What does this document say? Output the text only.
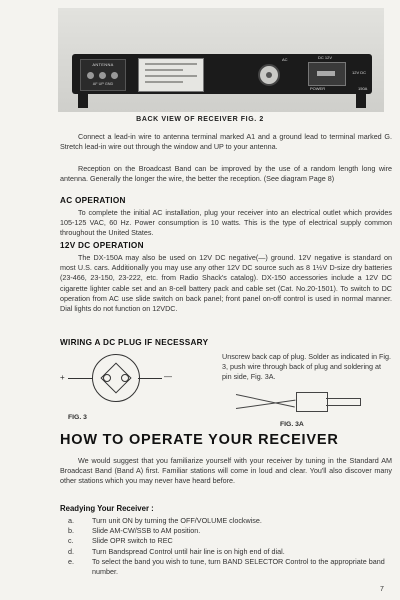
ANTENNA
AF UP GND
AC	DC 12V
POWER
12V DC
150A
BACK VIEW OF RECEIVER FIG. 2
Connect a lead-in wire to antenna terminal marked A1 and a ground lead to terminal marked G. Stretch lead-in wire out through the window and UP to your antenna.
Reception on the Broadcast Band can be improved by the use of a random length long wire antenna. Generally the longer the wire, the better the reception. (See diagram Page 8)
AC OPERATION
To complete the initial AC installation, plug your receiver into an electrical outlet which provides 105-125 VAC, 60 Hz. Power consumption is 10 watts. This is the type of electrical supply common throughout the United States.
12V DC OPERATION
The DX-150A may also be used on 12V DC negative(—) ground. 12V negative is standard on most U.S. cars. Additionally you may use any other 12V DC source such as 8 1½V D-size dry batteries (23-466, 23-150, 23-222, etc. from Radio Shack's catalog). DX-150 accessories include a 12V DC cigarette lighter cable set and an 8-cell battery pack and cable set (Cat. No.20-1501). To switch to DC operation from AC use slide switch on back panel; front panel on-off control is used in normal manner. Dial lights do not function on 12VDC.
WIRING A DC PLUG IF NECESSARY
+	—
FIG. 3
Unscrew back cap of plug. Solder as indicated in Fig. 3, push wire through back of plug and soldering at pin side, Fig. 3A.
FIG. 3A
HOW TO OPERATE YOUR RECEIVER
We would suggest that you familiarize yourself with your receiver by tuning in the Standard AM Broadcast Band (Band A) first. Familiar stations will come in loud and clear. You'll also discover many other stations which you may never have heard before.
Readying Your Receiver :
a.	Turn unit ON by turning the OFF/VOLUME clockwise.
b.	Slide AM-CW/SSB to AM position.
c.	Slide OPR switch to REC
d.	Turn Bandspread Control until hair line is on high end of dial.
e.	To select the band you wish to tune, turn BAND SELECTOR Control to the appropriate band number.
7
